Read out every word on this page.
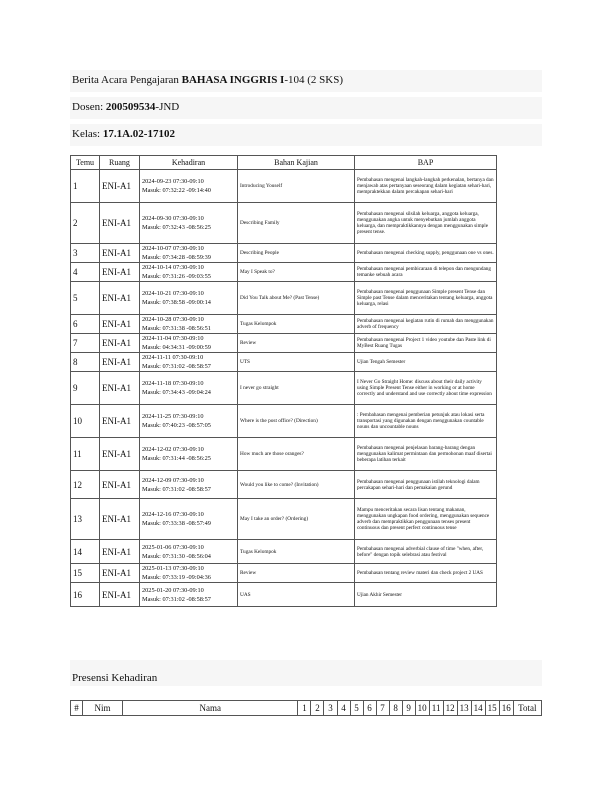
Berita Acara Pengajaran BAHASA INGGRIS I-104 (2 SKS)
Dosen: 200509534-JND
Kelas: 17.1A.02-17102
Temu	Ruang	Kehadiran	Bahan Kajian	BAP
1	ENI-A1	2024-09-23 07:30-09:10
Masuk: 07:32:22 -09:14:40	Introducing Youself	Pembahasan mengenai langkah-langkah perkenalan, bertanya dan menjawab atas pertanyaan seseorang dalam kegiatan sehari-hari, mempraktekkan dalam percakapan sehari-hari
2	ENI-A1	2024-09-30 07:30-09:10
Masuk: 07:32:43 -08:56:25	Describing Family	Pembahasan mengenai silsilah keluarga, anggota keluarga, menggunakan angka untuk menyebutkan jumlah anggota keluarga, dan mempraktikkannya dengan menggunakan simple present tense.
3	ENI-A1	2024-10-07 07:30-09:10
Masuk: 07:34:28 -08:59:39	Describing People	Pembahasan mengenai checking supply, penggunaan one vs ones.
4	ENI-A1	2024-10-14 07:30-09:10
Masuk: 07:31:26 -09:03:55	May I Speak to?	Pembahasan mengenai pembicaraan di telepon dan mengundang temanke sebuah acara
5	ENI-A1	2024-10-21 07:30-09:10
Masuk: 07:38:58 -09:00:14	Did You Talk about Me? (Past Tense)	Pembahasan mengenai penggunaan Simple present Tense dan Simple past Tense dalam menceritakan tentang keluarga, anggota keluarga, relasi
6	ENI-A1	2024-10-28 07:30-09:10
Masuk: 07:31:38 -08:56:51	Tugas Kelompok	Pembahasan mengenai kegiatan rutin di rumah dan menggunakan adverb of frequency
7	ENI-A1	2024-11-04 07:30-09:10
Masuk: 04:34:31 -09:00:59	Review	Pembahasan mengenai Project 1 video youtube dan Paste link di MyBest Ruang Tugas
8	ENI-A1	2024-11-11 07:30-09:10
Masuk: 07:31:02 -08:58:57	UTS	Ujian Tengah Semester
9	ENI-A1	2024-11-18 07:30-09:10
Masuk: 07:34:43 -09:04:24	I never go straight	I Never Go Straight Home: discuss about their daily activity using Simple Present Tense either in working or at home correctly and understand and use correctly about time expression
10	ENI-A1	2024-11-25 07:30-09:10
Masuk: 07:40:23 -08:57:05	Where is the post office? (Direction)	: Pembahasan mengenai pemberian petunjuk atau lokasi serta transportasi yang digunakan dengan menggunakan countable nouns dan uncountable nouns
11	ENI-A1	2024-12-02 07:30-09:10
Masuk: 07:31:44 -08:56:25	How much are those oranges?	Pembahasan mengenai penjelasan barang-barang dengan menggunakan kalimat permintaan dan permohonan maaf disertai beberapa latihan terkait
12	ENI-A1	2024-12-09 07:30-09:10
Masuk: 07:31:02 -08:58:57	Would you like to come? (Invitation)	Pembahasan mengenai penggunaan istilah teknologi dalam percakapan sehari-hari dan pemakaian gerund
13	ENI-A1	2024-12-16 07:30-09:10
Masuk: 07:33:38 -08:57:49	May I take an order? (Ordering)	Mampu menceritakan secara lisan tentang makanan, menggunakan ungkapan food ordering, menggunakan sequence adverb dan mempraktikkan penggunaan tenses present continuous dan present perfect continuous tense
14	ENI-A1	2025-01-06 07:30-09:10
Masuk: 07:31:30 -08:56:04	Tugas Kelompok	Pembahasan mengenai adverbial clause of time "when, after, before" dengan topik selebrasi atau festival
15	ENI-A1	2025-01-13 07:30-09:10
Masuk: 07:33:19 -09:04:36	Review	Pembahasan tentang review materi dan check project 2 UAS
16	ENI-A1	2025-01-20 07:30-09:10
Masuk: 07:31:02 -08:58:57	UAS	Ujian Akhir Semester
Presensi Kehadiran
#	Nim	Nama	1	2	3	4	5	6	7	8	9	10	11	12	13	14	15	16	Total
